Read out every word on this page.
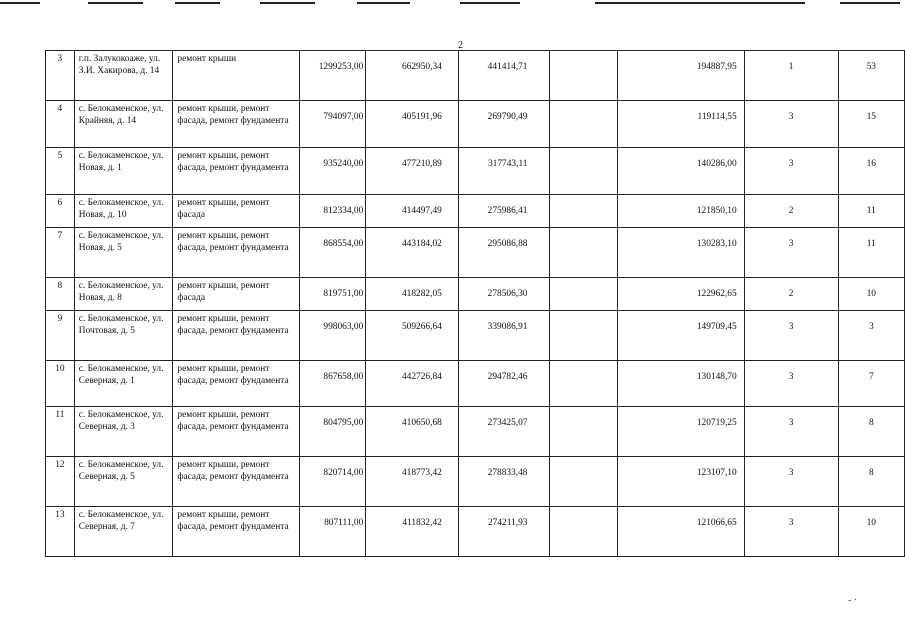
2
3	г.п. Залукокоаже, ул. З.И. Хакирова, д. 14	ремонт крыши	1299253,00	662950,34	441414,71		194887,95	1	53
4	с. Белокаменское, ул. Крайняя, д. 14	ремонт крыши, ремонт фасада, ремонт фундамента	794097,00	405191,96	269790,49		119114,55	3	15
5	с. Белокаменское, ул. Новая, д. 1	ремонт крыши, ремонт фасада, ремонт фундамента	935240,00	477210,89	317743,11		140286,00	3	16
6	с. Белокаменское, ул. Новая, д. 10	ремонт крыши, ремонт фасада	812334,00	414497,49	275986,41		121850,10	2	11
7	с. Белокаменское, ул. Новая, д. 5	ремонт крыши, ремонт фасада, ремонт фундамента	868554,00	443184,02	295086,88		130283,10	3	11
8	с. Белокаменское, ул. Новая, д. 8	ремонт крыши, ремонт фасада	819751,00	418282,05	278506,30		122962,65	2	10
9	с. Белокаменское, ул. Почтовая, д. 5	ремонт крыши, ремонт фасада, ремонт фундамента	998063,00	509266,64	339086,91		149709,45	3	3
10	с. Белокаменское, ул. Северная, д. 1	ремонт крыши, ремонт фасада, ремонт фундамента	867658,00	442726,84	294782,46		130148,70	3	7
11	с. Белокаменское, ул. Северная, д. 3	ремонт крыши, ремонт фасада, ремонт фундамента	804795,00	410650,68	273425,07		120719,25	3	8
12	с. Белокаменское, ул. Северная, д. 5	ремонт крыши, ремонт фасада, ремонт фундамента	820714,00	418773,42	278833,48		123107,10	3	8
13	с. Белокаменское, ул. Северная, д. 7	ремонт крыши, ремонт фасада, ремонт фундамента	807111,00	411832,42	274211,93		121066,65	3	10
- ·
